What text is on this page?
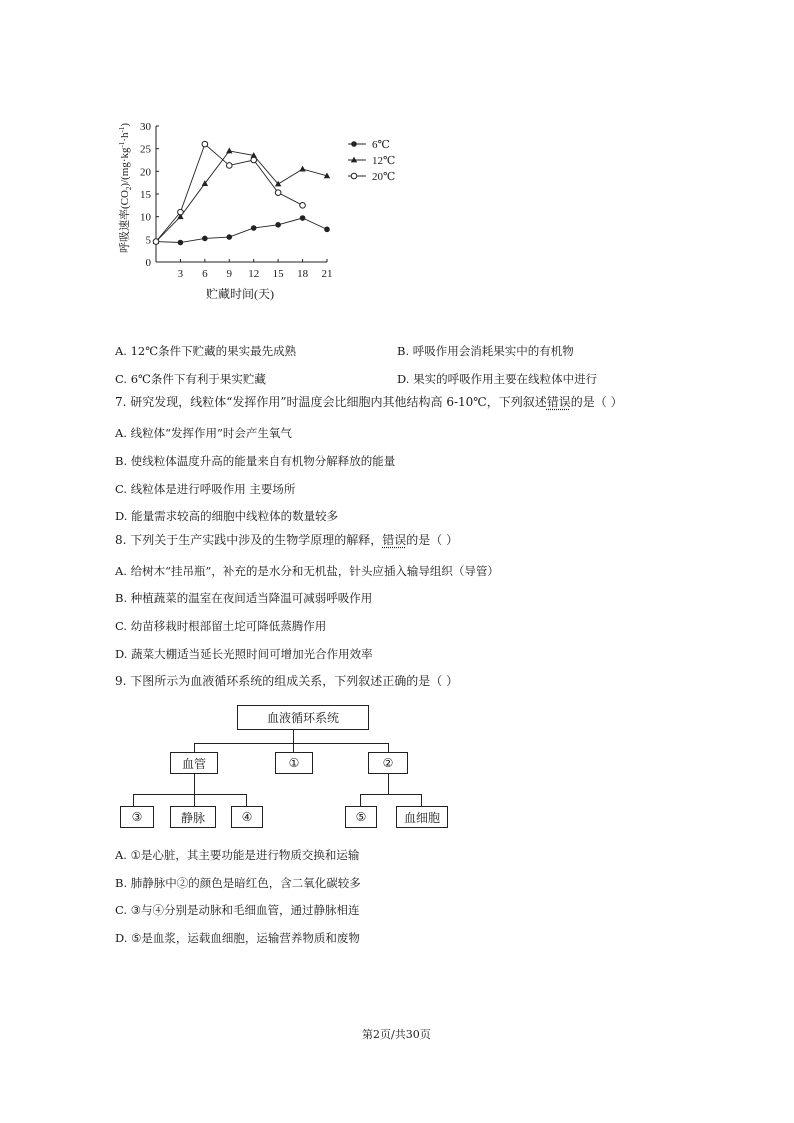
呼吸速率$(CO_2)/(mg\cdot kg^{-1}\cdot h^{-1})$
0
5
10
15
20
25
30
3 6 9 12 15 18 21
6℃
12℃
20℃
贮藏时间(天)
A. 12℃条件下贮藏的果实最先成熟	B. 呼吸作用会消耗果实中的有机物
C. 6℃条件下有利于果实贮藏	D. 果实的呼吸作用主要在线粒体中进行
7. 研究发现，线粒体“发挥作用”时温度会比细胞内其他结构高 6-10℃，下列叙述错误的是（ ）
A. 线粒体“发挥作用”时会产生氧气
B. 使线粒体温度升高的能量来自有机物分解释放的能量
C. 线粒体是进行呼吸作用 主要场所
D. 能量需求较高的细胞中线粒体的数量较多
8. 下列关于生产实践中涉及的生物学原理的解释，错误的是（ ）
A. 给树木“挂吊瓶”，补充的是水分和无机盐，针头应插入输导组织（导管）
B. 种植蔬菜的温室在夜间适当降温可减弱呼吸作用
C. 幼苗移栽时根部留土坨可降低蒸腾作用
D. 蔬菜大棚适当延长光照时间可增加光合作用效率
9. 下图所示为血液循环系统的组成关系，下列叙述正确的是（ ）
血液循环系统
血管	①	②
③	静脉	④	⑤	血细胞
A. ①是心脏，其主要功能是进行物质交换和运输
B. 肺静脉中②的颜色是暗红色，含二氧化碳较多
C. ③与④分别是动脉和毛细血管，通过静脉相连
D. ⑤是血浆，运载血细胞，运输营养物质和废物
第2页/共30页
